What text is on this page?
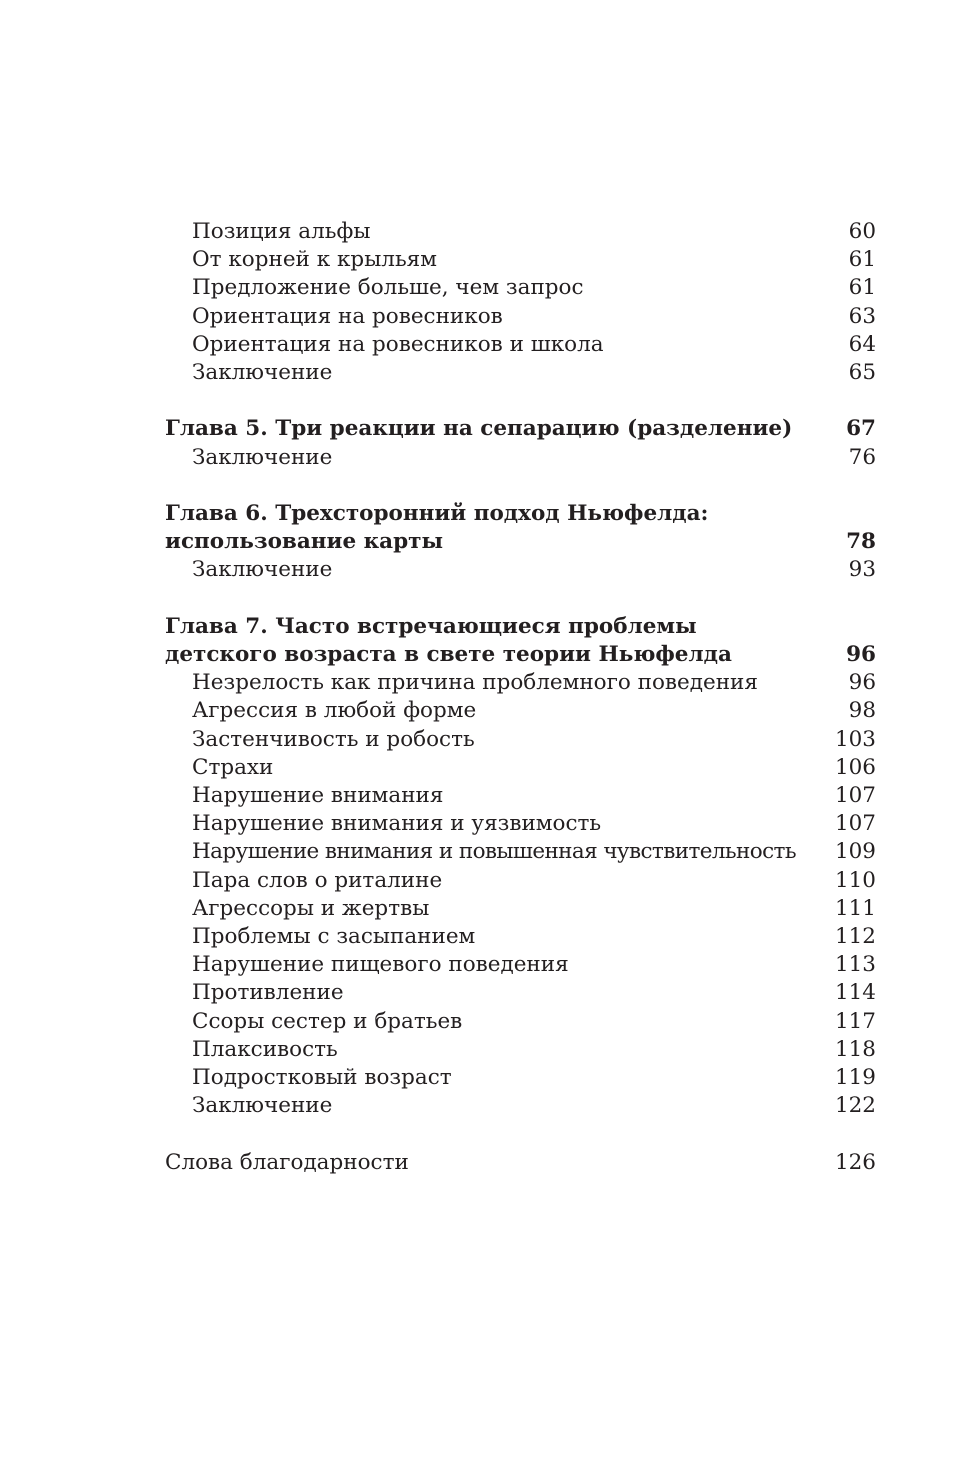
Позиция альфы	60
От корней к крыльям	61
Предложение больше, чем запрос	61
Ориентация на ровесников	63
Ориентация на ровесников и школа	64
Заключение	65
Глава 5. Три реакции на сепарацию (разделение)	67
Заключение	76
Глава 6. Трехсторонний подход Ньюфелда:
использование карты	78
Заключение	93
Глава 7. Часто встречающиеся проблемы
детского возраста в свете теории Ньюфелда	96
Незрелость как причина проблемного поведения	96
Агрессия в любой форме	98
Застенчивость и робость	103
Страхи	106
Нарушение внимания	107
Нарушение внимания и уязвимость	107
Нарушение внимания и повышенная чувствительность 109
Пара слов о риталине	110
Агрессоры и жертвы	111
Проблемы с засыпанием	112
Нарушение пищевого поведения	113
Противление	114
Ссоры сестер и братьев	117
Плаксивость	118
Подростковый возраст	119
Заключение	122
Слова благодарности	126
